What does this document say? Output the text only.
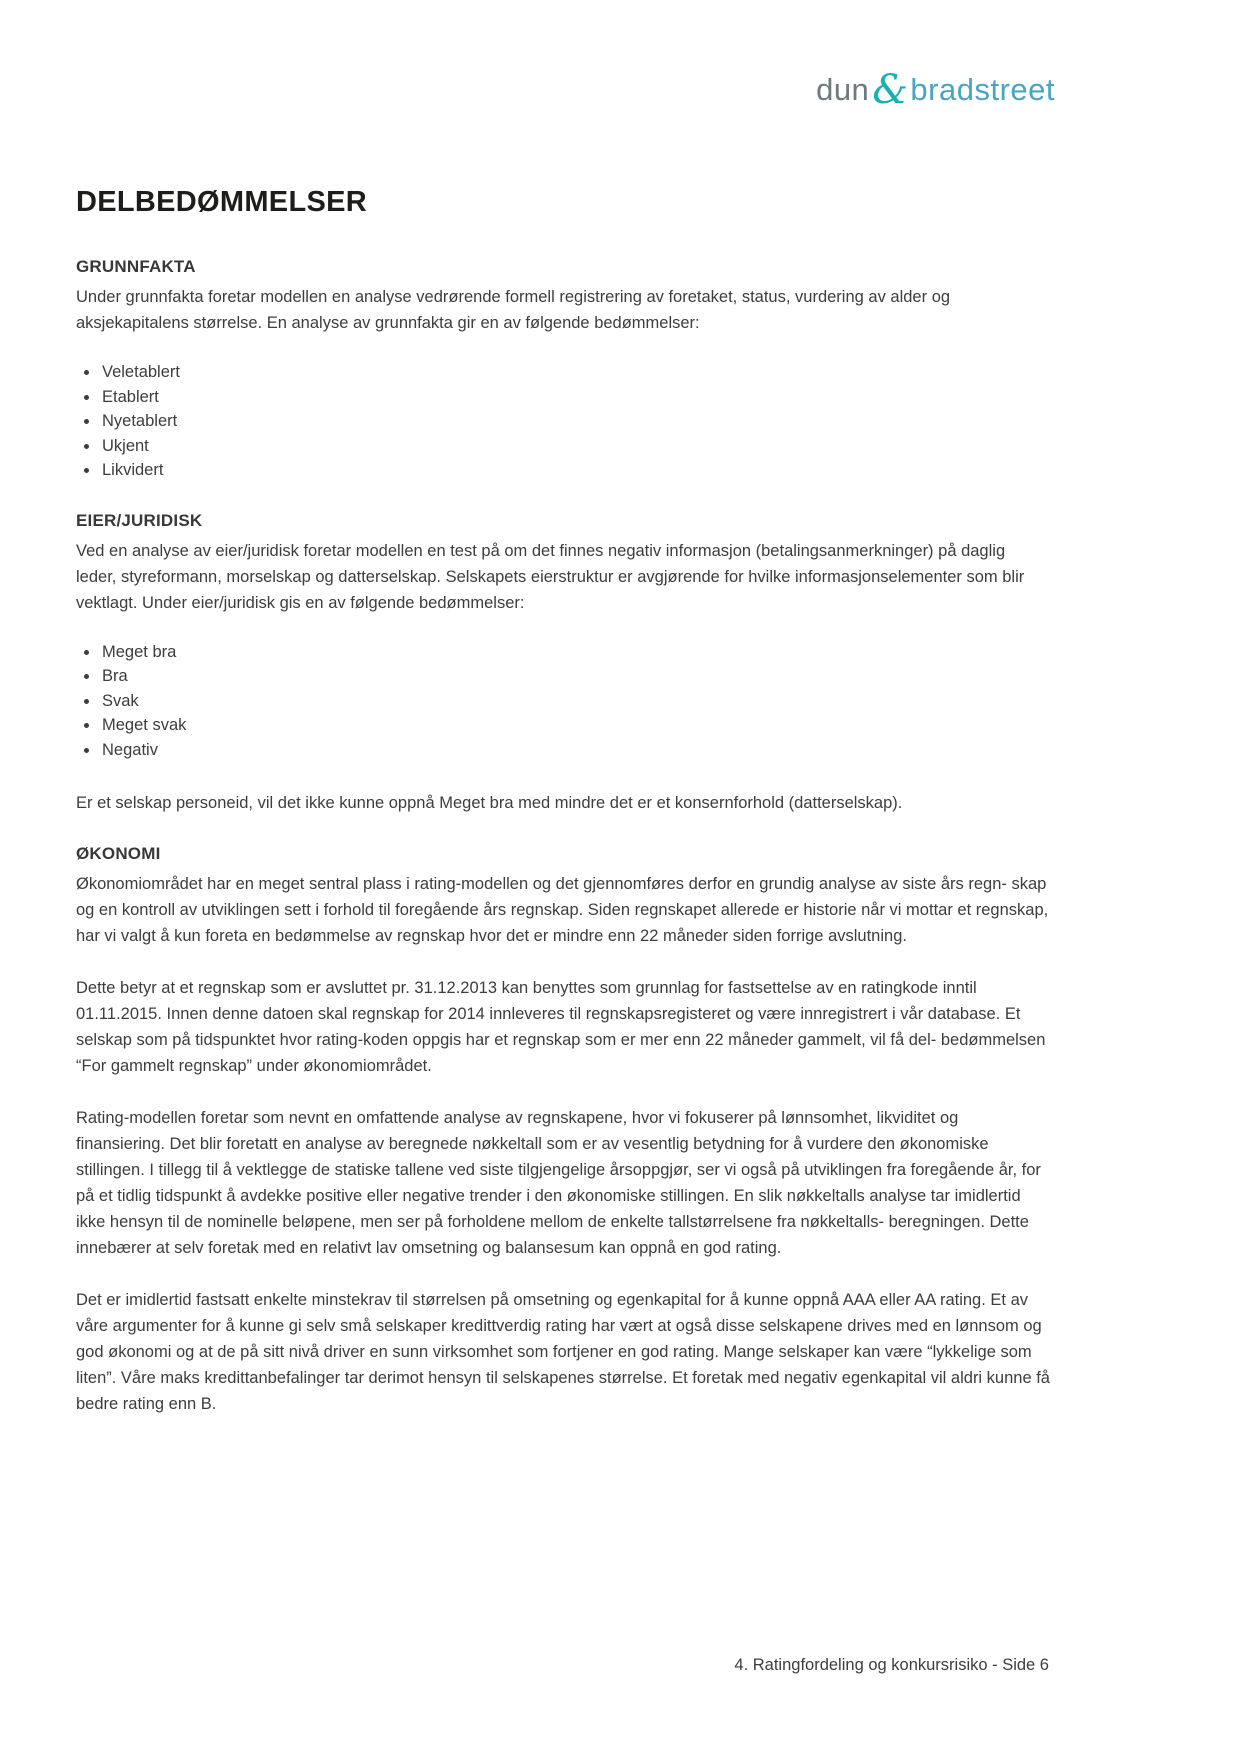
dun&bradstreet
DELBEDØMMELSER
GRUNNFAKTA

Under grunnfakta foretar modellen en analyse vedrørende formell registrering av foretaket, status, vurdering av alder og aksjekapitalens størrelse. En analyse av grunnfakta gir en av følgende bedømmelser:

• Veletablert
• Etablert
• Nyetablert
• Ukjent
• Likvidert
EIER/JURIDISK

Ved en analyse av eier/juridisk foretar modellen en test på om det finnes negativ informasjon (betalingsanmerkninger) på daglig leder, styreformann, morselskap og datterselskap. Selskapets eierstruktur er avgjørende for hvilke informasjonselementer som blir vektlagt. Under eier/juridisk gis en av følgende bedømmelser:

• Meget bra
• Bra
• Svak
• Meget svak
• Negativ

Er et selskap personeid, vil det ikke kunne oppnå Meget bra med mindre det er et konsernforhold (datterselskap).

ØKONOMI

Økonomiområdet har en meget sentral plass i rating-modellen og det gjennomføres derfor en grundig analyse av siste års regn- skap og en kontroll av utviklingen sett i forhold til foregående års regnskap. Siden regnskapet allerede er historie når vi mottar et regnskap, har vi valgt å kun foreta en bedømmelse av regnskap hvor det er mindre enn 22 måneder siden forrige avslutning.

Dette betyr at et regnskap som er avsluttet pr. 31.12.2013 kan benyttes som grunnlag for fastsettelse av en ratingkode inntil 01.11.2015. Innen denne datoen skal regnskap for 2014 innleveres til regnskapsregisteret og være innregistrert i vår database. Et selskap som på tidspunktet hvor rating-koden oppgis har et regnskap som er mer enn 22 måneder gammelt, vil få del- bedømmelsen “For gammelt regnskap” under økonomiområdet.

Rating-modellen foretar som nevnt en omfattende analyse av regnskapene, hvor vi fokuserer på lønnsomhet, likviditet og finansiering. Det blir foretatt en analyse av beregnede nøkkeltall som er av vesentlig betydning for å vurdere den økonomiske stillingen. I tillegg til å vektlegge de statiske tallene ved siste tilgjengelige årsoppgjør, ser vi også på utviklingen fra foregående år, for på et tidlig tidspunkt å avdekke positive eller negative trender i den økonomiske stillingen. En slik nøkkeltalls analyse tar imidlertid ikke hensyn til de nominelle beløpene, men ser på forholdene mellom de enkelte tallstørrelsene fra nøkkeltalls- beregningen. Dette innebærer at selv foretak med en relativt lav omsetning og balansesum kan oppnå en god rating.

Det er imidlertid fastsatt enkelte minstekrav til størrelsen på omsetning og egenkapital for å kunne oppnå AAA eller AA rating. Et av våre argumenter for å kunne gi selv små selskaper kredittverdig rating har vært at også disse selskapene drives med en lønnsom og god økonomi og at de på sitt nivå driver en sunn virksomhet som fortjener en god rating. Mange selskaper kan være “lykkelige som liten”. Våre maks kredittanbefalinger tar derimot hensyn til selskapenes størrelse. Et foretak med negativ egenkapital vil aldri kunne få bedre rating enn B.

4. Ratingfordeling og konkursrisiko - Side 6
